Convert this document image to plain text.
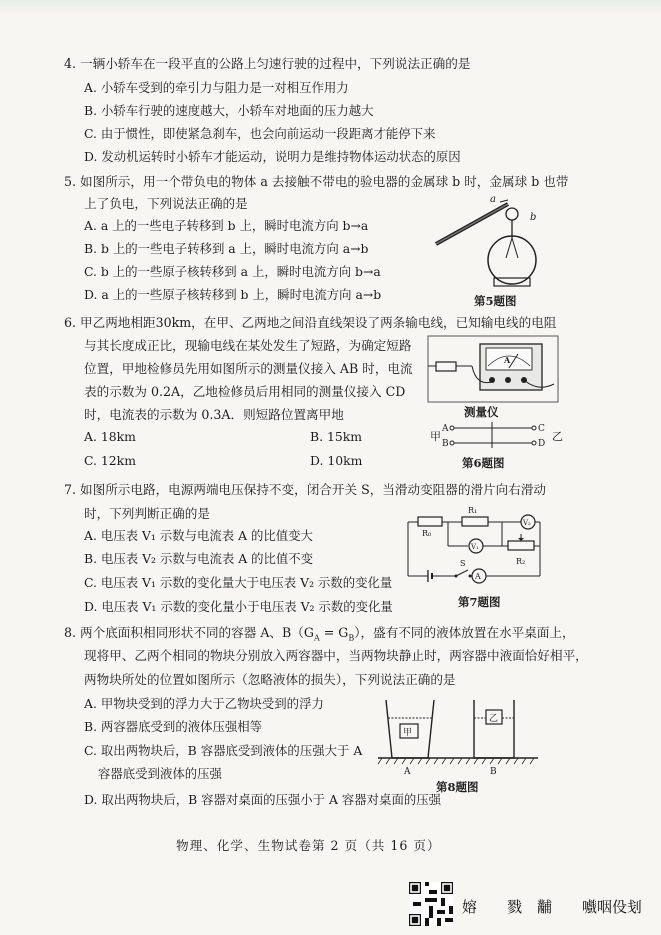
4. 一辆小轿车在一段平直的公路上匀速行驶的过程中，下列说法正确的是
A. 小轿车受到的牵引力与阻力是一对相互作用力
B. 小轿车行驶的速度越大，小轿车对地面的压力越大
C. 由于惯性，即使紧急刹车，也会向前运动一段距离才能停下来
D. 发动机运转时小轿车才能运动，说明力是维持物体运动状态的原因
5. 如图所示，用一个带负电的物体 a 去接触不带电的验电器的金属球 b 时，金属球 b 也带
上了负电，下列说法正确的是
A. a 上的一些电子转移到 b 上，瞬时电流方向 b→a
B. b 上的一些电子转移到 a 上，瞬时电流方向 a→b
C. b 上的一些原子核转移到 a 上，瞬时电流方向 b→a
D. a 上的一些原子核转移到 b 上，瞬时电流方向 a→b
a
b
第5题图
6. 甲乙两地相距30km，在甲、乙两地之间沿直线架设了两条输电线，已知输电线的电阻
与其长度成正比，现输电线在某处发生了短路，为确定短路
位置，甲地检修员先用如图所示的测量仪接入 AB 时，电流
表的示数为 0.2A，乙地检修员后用相同的测量仪接入 CD
时，电流表的示数为 0.3A．则短路位置离甲地
A. 18km	B. 15km
C. 12km	D. 10km
A
测量仪
甲
A
B
C
D
乙
第6题图
7. 如图所示电路，电源两端电压保持不变，闭合开关 S，当滑动变阻器的滑片向右滑动
时，下列判断正确的是
A. 电压表 V₁ 示数与电流表 A 的比值变大
B. 电压表 V₂ 示数与电流表 A 的比值不变
C. 电压表 V₁ 示数的变化量大于电压表 V₂ 示数的变化量
D. 电压表 V₁ 示数的变化量小于电压表 V₂ 示数的变化量
R₀
R₁
V₂
V₁
R₂
S
A
第7题图
8. 两个底面积相同形状不同的容器 A、$B(G_A = G_B)$，盛有不同的液体放置在水平桌面上，
现将甲、乙两个相同的物块分别放入两容器中，当两物块静止时，两容器中液面恰好相平，
两物块所处的位置如图所示（忽略液体的损失），下列说法正确的是
A. 甲物块受到的浮力大于乙物块受到的浮力
B. 两容器底受到的液体压强相等
C. 取出两物块后，B 容器底受到液体的压强大于 A
容器底受到液体的压强
D. 取出两物块后，B 容器对桌面的压强小于 A 容器对桌面的压强
甲
乙
A	B
第8题图
物理、化学、生物试卷第 2 页（共 16 页）
嫆　　戮　黼　　嚱咽伇刬
